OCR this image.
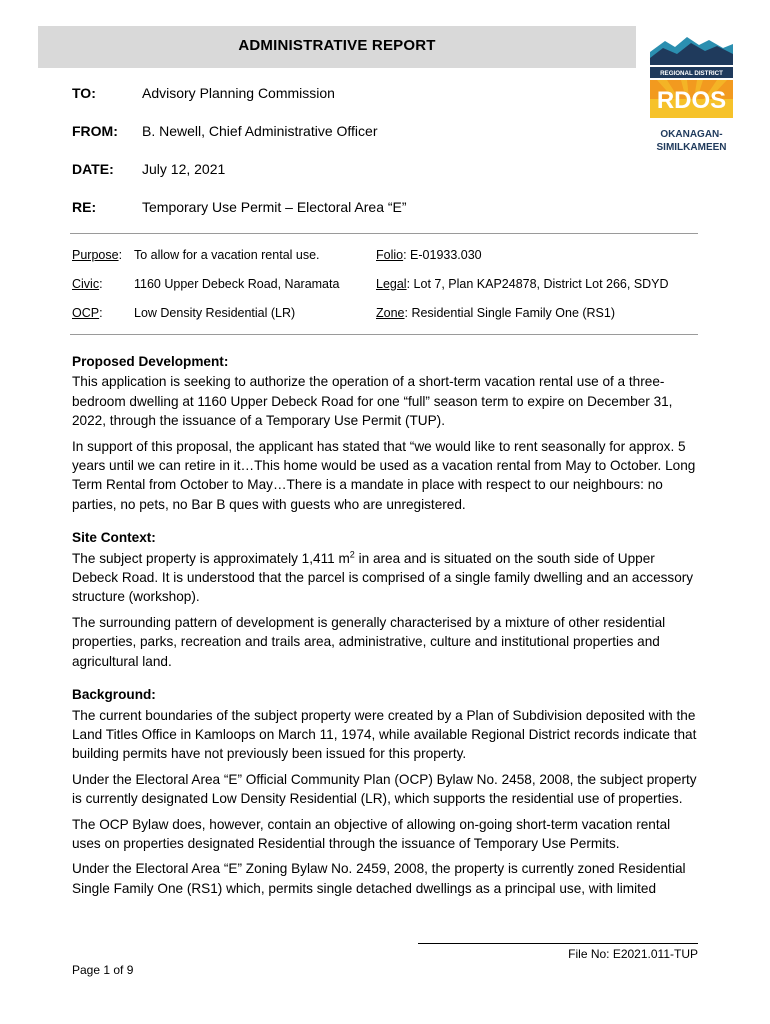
ADMINISTRATIVE REPORT
REGIONAL DISTRICT
RDOS
OKANAGAN-
SIMILKAMEEN
TO:	Advisory Planning Commission
FROM: B. Newell, Chief Administrative Officer
DATE: July 12, 2021
RE:	Temporary Use Permit – Electoral Area “E”
Purpose: To allow for a vacation rental use.	Folio: E-01933.030
Civic:	1160 Upper Debeck Road, Naramata	Legal: Lot 7, Plan KAP24878, District Lot 266, SDYD
OCP:	Low Density Residential (LR)	Zone: Residential Single Family One (RS1)
Proposed Development:

This application is seeking to authorize the operation of a short-term vacation rental use of a three-bedroom dwelling at 1160 Upper Debeck Road for one “full” season term to expire on December 31, 2022, through the issuance of a Temporary Use Permit (TUP).

In support of this proposal, the applicant has stated that “we would like to rent seasonally for approx. 5 years until we can retire in it…This home would be used as a vacation rental from May to October. Long Term Rental from October to May…There is a mandate in place with respect to our neighbours: no parties, no pets, no Bar B ques with guests who are unregistered.

Site Context:

The subject property is approximately 1,411 $m^2$ in area and is situated on the south side of Upper Debeck Road. It is understood that the parcel is comprised of a single family dwelling and an accessory structure (workshop).

The surrounding pattern of development is generally characterised by a mixture of other residential properties, parks, recreation and trails area, administrative, culture and institutional properties and agricultural land.

Background:

The current boundaries of the subject property were created by a Plan of Subdivision deposited with the Land Titles Office in Kamloops on March 11, 1974, while available Regional District records indicate that building permits have not previously been issued for this property.

Under the Electoral Area “E” Official Community Plan (OCP) Bylaw No. 2458, 2008, the subject property is currently designated Low Density Residential (LR), which supports the residential use of properties.

The OCP Bylaw does, however, contain an objective of allowing on-going short-term vacation rental uses on properties designated Residential through the issuance of Temporary Use Permits.

Under the Electoral Area “E” Zoning Bylaw No. 2459, 2008, the property is currently zoned Residential Single Family One (RS1) which, permits single detached dwellings as a principal use, with limited

File No: E2021.011-TUP
Page 1 of 9
